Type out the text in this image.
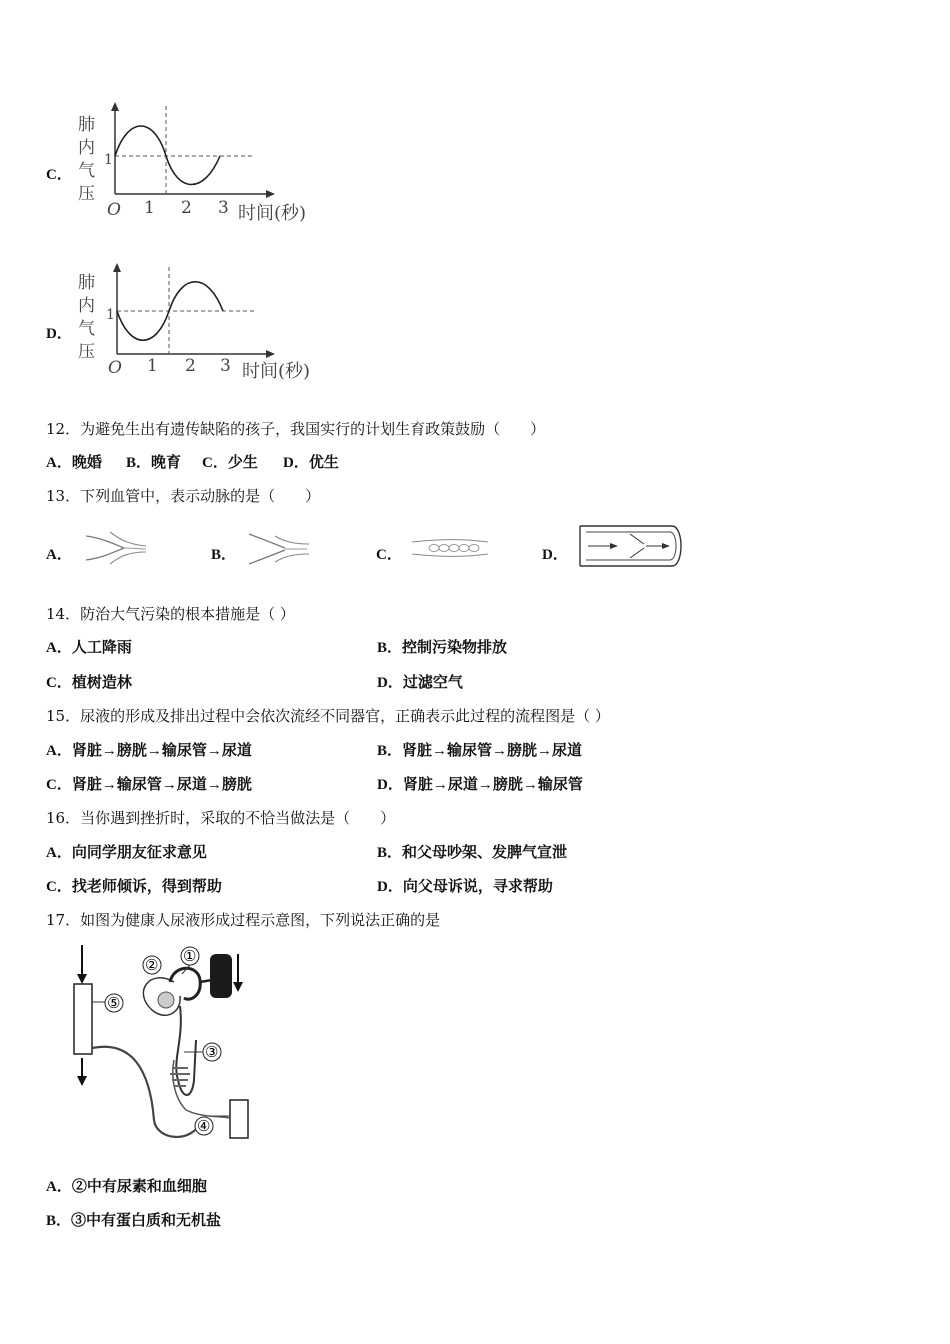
C．
肺
内
气
压
1
O 1 2 3 时间(秒)
D．
肺
内
气
压
1
O 1 2 3 时间(秒)
12．为避免生出有遗传缺陷的孩子，我国实行的计划生育政策鼓励（　　）
A．晚婚 B．晚育 C．少生 D．优生
13．下列血管中，表示动脉的是（　　）
A．	B．	C．	D．
14．防治大气污染的根本措施是（ ）
A．人工降雨	B．控制污染物排放
C．植树造林	D．过滤空气
15．尿液的形成及排出过程中会依次流经不同器官，正确表示此过程的流程图是（ ）
A．肾脏→膀胱→输尿管→尿道	B．肾脏→输尿管→膀胱→尿道
C．肾脏→输尿管→尿道→膀胱	D．肾脏→尿道→膀胱→输尿管
16．当你遇到挫折时，采取的不恰当做法是（　　）
A．向同学朋友征求意见	B．和父母吵架、发脾气宣泄
C．找老师倾诉，得到帮助	D．向父母诉说，寻求帮助
17．如图为健康人尿液形成过程示意图，下列说法正确的是
② ①
③
④
⑤
A．②中有尿素和血细胞
B．③中有蛋白质和无机盐
